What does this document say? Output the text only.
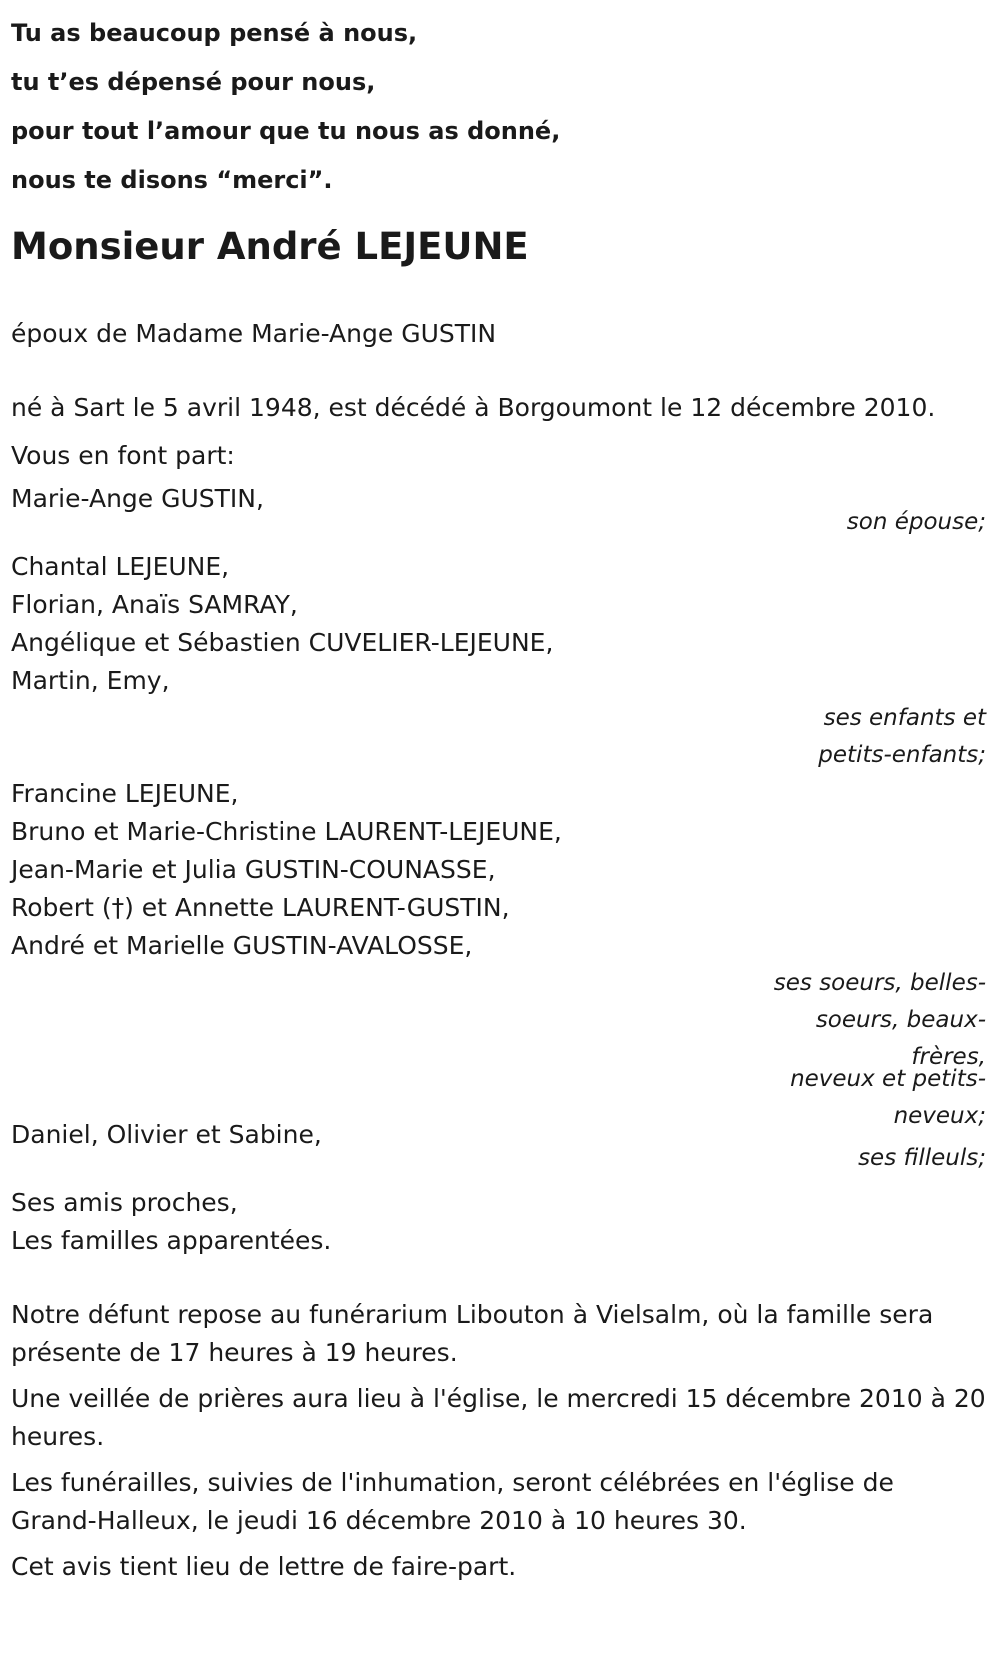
Tu as beaucoup pensé à nous,
tu t’es dépensé pour nous,
pour tout l’amour que tu nous as donné,
nous te disons “merci”.
Monsieur André LEJEUNE
époux de Madame Marie-Ange GUSTIN
né à Sart le 5 avril 1948, est décédé à Borgoumont le 12 décembre 2010.
Vous en font part:
Marie-Ange GUSTIN,
son épouse;
Chantal LEJEUNE,
Florian, Anaïs SAMRAY,
Angélique et Sébastien CUVELIER-LEJEUNE,
Martin, Emy,
ses enfants et
petits-enfants;
Francine LEJEUNE,
Bruno et Marie-Christine LAURENT-LEJEUNE,
Jean-Marie et Julia GUSTIN-COUNASSE,
Robert (†) et Annette LAURENT-GUSTIN,
André et Marielle GUSTIN-AVALOSSE,
ses soeurs, belles-
soeurs, beaux-
frères,
neveux et petits-
neveux;
Daniel, Olivier et Sabine,
ses filleuls;
Ses amis proches,
Les familles apparentées.
Notre défunt repose au funérarium Libouton à Vielsalm, où la famille sera présente de 17 heures à 19 heures.
Une veillée de prières aura lieu à l'église, le mercredi 15 décembre 2010 à 20 heures.
Les funérailles, suivies de l'inhumation, seront célébrées en l'église de Grand-Halleux, le jeudi 16 décembre 2010 à 10 heures 30.
Cet avis tient lieu de lettre de faire-part.
